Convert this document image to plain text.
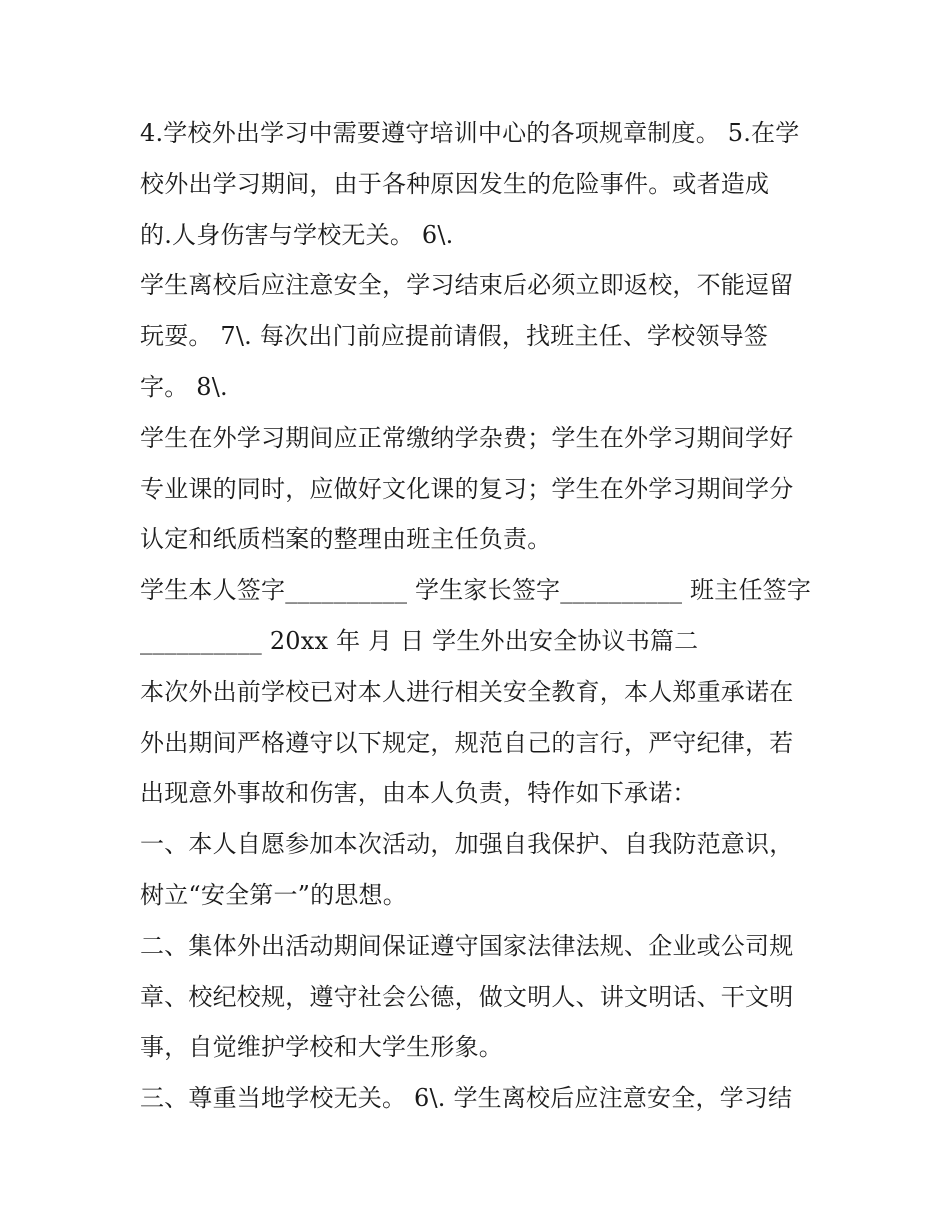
4.学校外出学习中需要遵守培训中心的各项规章制度。 5.在学
校外出学习期间，由于各种原因发生的危险事件。或者造成
的.人身伤害与学校无关。 6\.
学生离校后应注意安全，学习结束后必须立即返校，不能逗留
玩耍。 7\. 每次出门前应提前请假，找班主任、学校领导签
字。 8\.
学生在外学习期间应正常缴纳学杂费；学生在外学习期间学好
专业课的同时，应做好文化课的复习；学生在外学习期间学分
认定和纸质档案的整理由班主任负责。
学生本人签字__________ 学生家长签字__________ 班主任签字
__________ 20xx 年 月 日 学生外出安全协议书篇二
本次外出前学校已对本人进行相关安全教育，本人郑重承诺在
外出期间严格遵守以下规定，规范自己的言行，严守纪律，若
出现意外事故和伤害，由本人负责，特作如下承诺：
一、本人自愿参加本次活动，加强自我保护、自我防范意识，
树立“安全第一”的思想。
二、集体外出活动期间保证遵守国家法律法规、企业或公司规
章、校纪校规，遵守社会公德，做文明人、讲文明话、干文明
事，自觉维护学校和大学生形象。
三、尊重当地学校无关。 6\. 学生离校后应注意安全，学习结
